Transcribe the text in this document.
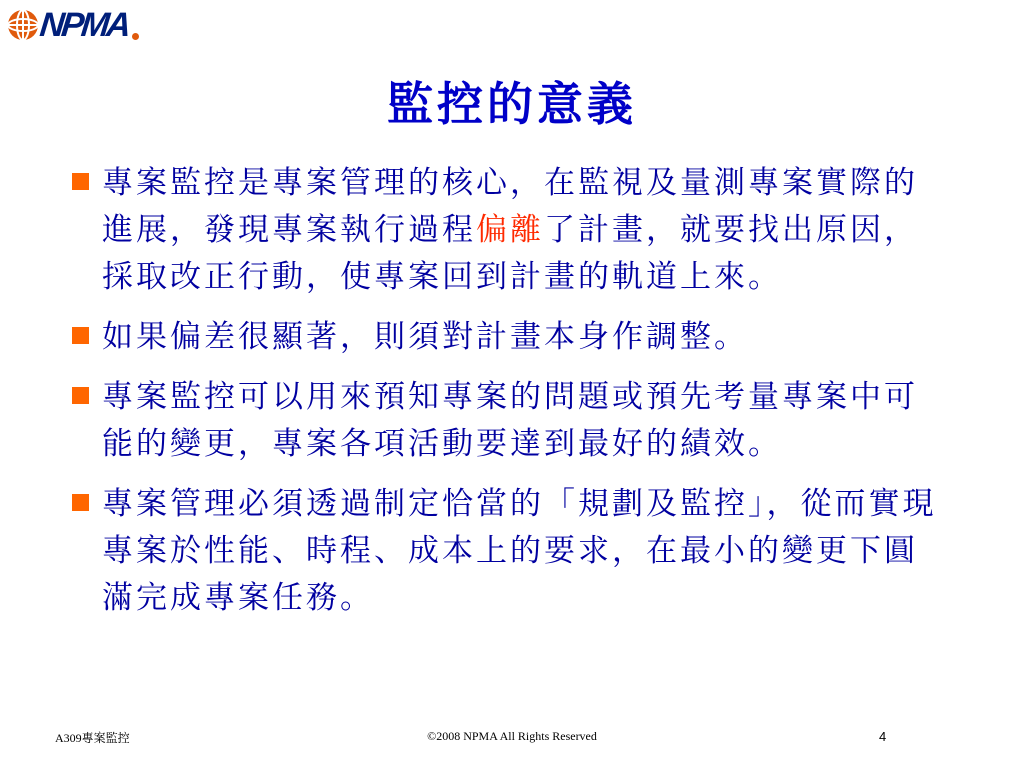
NPMA
監控的意義
專案監控是專案管理的核心，在監視及量測專案實際的進展，發現專案執行過程偏離了計畫，就要找出原因，採取改正行動，使專案回到計畫的軌道上來。
如果偏差很顯著，則須對計畫本身作調整。
專案監控可以用來預知專案的問題或預先考量專案中可能的變更，專案各項活動要達到最好的績效。
專案管理必須透過制定恰當的「規劃及監控」，從而實現專案於性能、時程、成本上的要求，在最小的變更下圓滿完成專案任務。
A309專案監控	©2008 NPMA All Rights Reserved	4
